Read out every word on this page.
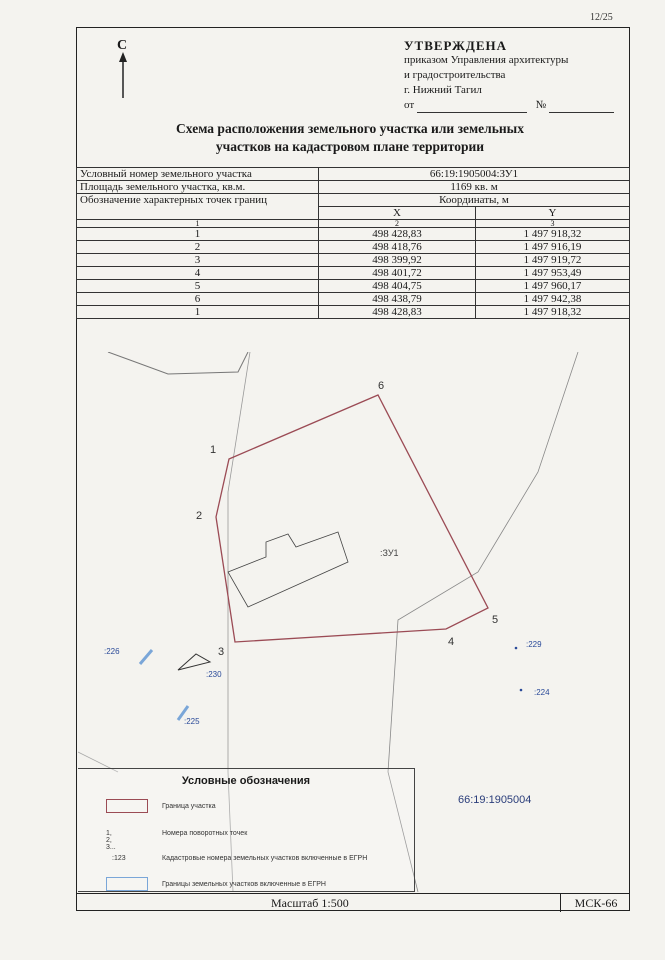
12/25
С	УТВЕРЖДЕНА
приказом Управления архитектуры
и градостроительства
г. Нижний Тагил
от	№
Схема расположения земельного участка или земельных
участков на кадастровом плане территории
Условный номер земельного участка	66:19:1905004:ЗУ1	
Площадь земельного участка, кв.м.	1169 кв. м	
Обозначение характерных точек границ	Координаты, м	
	X	Y
1	2	3
1	498 428,83	1 497 918,32
2	498 418,76	1 497 916,19
3	498 399,92	1 497 919,72
4	498 401,72	1 497 953,49
5	498 404,75	1 497 960,17
6	498 438,79	1 497 942,38
1	498 428,83	1 497 918,32
1
2
3
4
5
6
:ЗУ1
:226
:230
:225
:229
:224
66:19:1905004
Условные обозначения
Граница участка
1, 2, 3...
Номера поворотных точек
:123	Кадастровые номера земельных участков включенные в ЕГРН
Границы земельных участков включенные в ЕГРН
Масштаб 1:500	МСК-66
